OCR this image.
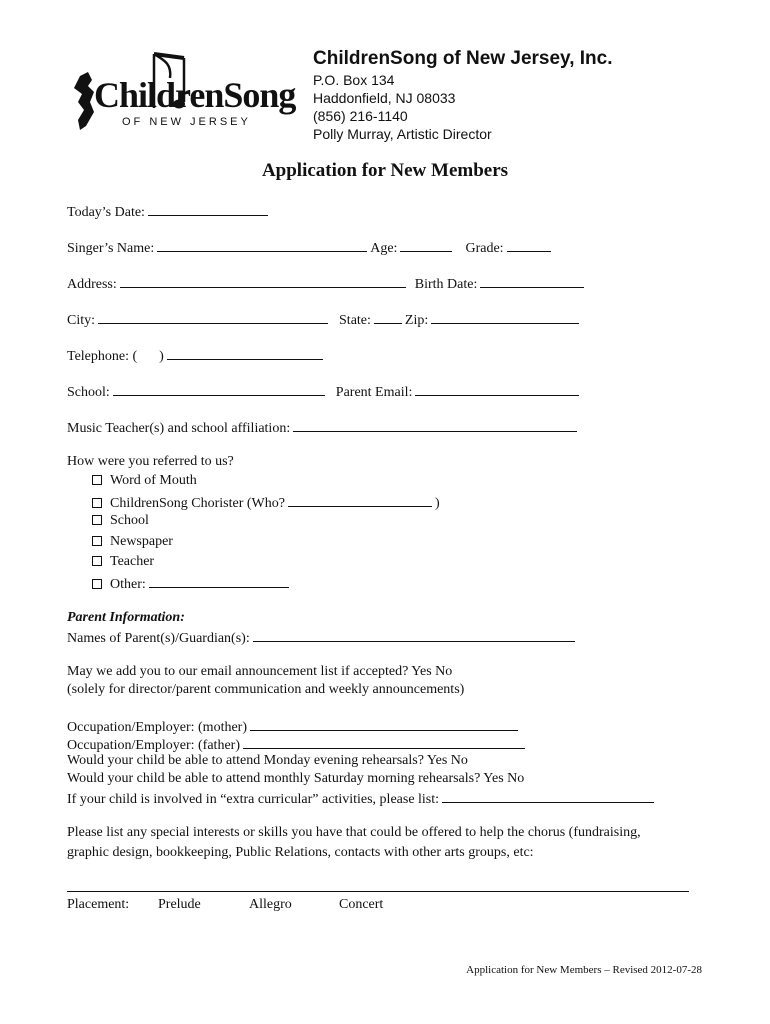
ChildrenSong
OF NEW JERSEY
ChildrenSong of New Jersey, Inc.
P.O. Box 134
Haddonfield, NJ 08033
(856) 216-1140
Polly Murray, Artistic Director
Application for New Members
Today’s Date:
Singer’s Name:	Age:	Grade:
Address:	Birth Date:
City:	State: Zip:
Telephone: ( )
School:	Parent Email:
Music Teacher(s) and school affiliation:
How were you referred to us?
Word of Mouth
ChildrenSong Chorister (Who?	)
School
Newspaper
Teacher
Other:
Parent Information:
Names of Parent(s)/Guardian(s):
May we add you to our email announcement list if accepted? Yes No
(solely for director/parent communication and weekly announcements)
Occupation/Employer: (mother)
Occupation/Employer: (father)
Would your child be able to attend Monday evening rehearsals? Yes No
Would your child be able to attend monthly Saturday morning rehearsals? Yes No
If your child is involved in “extra curricular” activities, please list:
Please list any special interests or skills you have that could be offered to help the chorus (fundraising,
graphic design, bookkeeping, Public Relations, contacts with other arts groups, etc:
Placement: Prelude	Allegro	Concert
Application for New Members – Revised 2012-07-28
